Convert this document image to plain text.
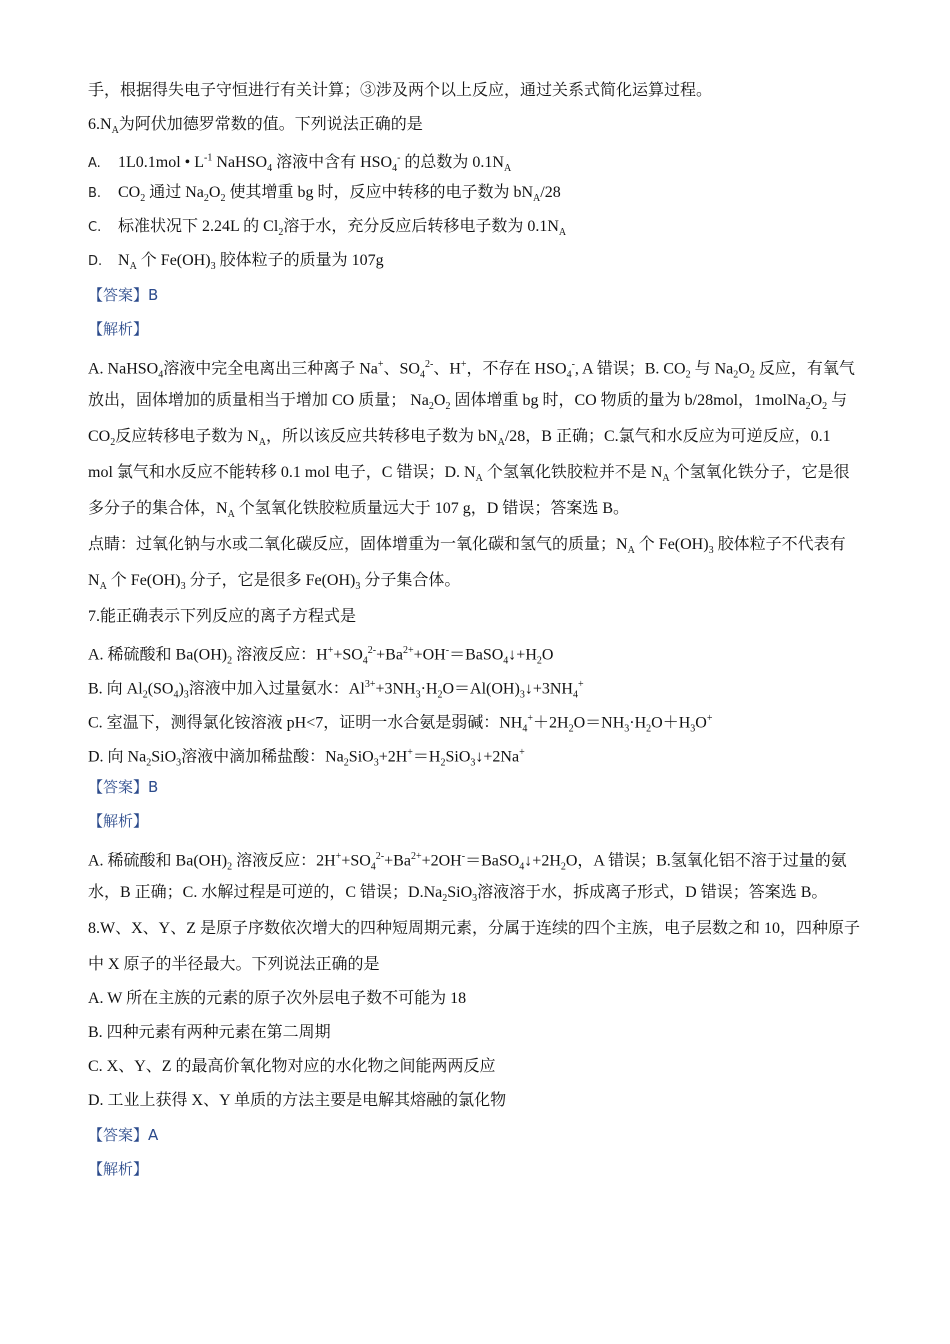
手，根据得失电子守恒进行有关计算；③涉及两个以上反应，通过关系式简化运算过程。
$6.N_A$为阿伏加德罗常数的值。下列说法正确的是
A. 1L0.1mol • $L^{-1}$ NaHSO$_4$ 溶液中含有 $HSO_4^-$ 的总数为 $0.1N_A$
B. $CO_2$ 通过 $Na_2O_2$ 使其增重 bg 时，反应中转移的电子数为 $bN_A/28$
C. 标准状况下 2.24L 的 $Cl_2$溶于水，充分反应后转移电子数为 $0.1N_A$
D. $N_A$ 个 $Fe(OH)_3$ 胶体粒子的质量为 107g
【答案】B
【解析】
A. NaHSO$_4$溶液中完全电离出三种离子 Na+、$SO_4^{2-}$、H+，不存在 $HSO_4^-$, A 错误；B. $CO_2$ 与 $Na_2O_2$ 反应，有氧气
放出，固体增加的质量相当于增加 CO 质量； $Na_2O_2$ 固体增重 bg 时，CO 物质的量为 b/28mol，$1molNa_2O_2$ 与
$CO_2$反应转移电子数为 $N_A$，所以该反应共转移电子数为 $bN_A/28$，B 正确；C.氯气和水反应为可逆反应，0.1
mol 氯气和水反应不能转移 0.1 mol 电子，C 错误；D. $N_A$ 个氢氧化铁胶粒并不是 $N_A$ 个氢氧化铁分子，它是很
多分子的集合体，$N_A$ 个氢氧化铁胶粒质量远大于 107 g，D 错误；答案选 B。
点睛：过氧化钠与水或二氧化碳反应，固体增重为一氧化碳和氢气的质量；$N_A$ 个 $Fe(OH)_3$ 胶体粒子不代表有
$N_A$ 个 $Fe(OH)_3$ 分子，它是很多 $Fe(OH)_3$ 分子集合体。
7.能正确表示下列反应的离子方程式是
A. 稀硫酸和 $Ba(OH)_2$ 溶液反应：$H^++SO_4^{2-}+Ba^{2+}+OH^-=BaSO_4↓+H_2O$
B. 向 $Al_2(SO_4)_3$溶液中加入过量氨水：$Al^{3+}+3NH_3\cdot H_2O=Al(OH)_3↓+3NH_4^+$
C. 室温下，测得氯化铵溶液 pH<7，证明一水合氨是弱碱：$NH_4^++2H_2O=NH_3\cdot H_2O+H_3O^+$
D. 向 $Na_2SiO_3$溶液中滴加稀盐酸：$Na_2SiO_3+2H^+=H_2SiO_3↓+2Na^+$
【答案】B
【解析】
A. 稀硫酸和 $Ba(OH)_2$ 溶液反应：$2H^++SO_4^{2-}+Ba^{2+}+2OH^-=BaSO_4↓+2H_2O$，A 错误；B.氢氧化铝不溶于过量的氨
水，B 正确；C. 水解过程是可逆的，C 错误；$D.Na_2SiO_3$溶液溶于水，拆成离子形式，D 错误；答案选 B。
8.W、X、Y、Z 是原子序数依次增大的四种短周期元素，分属于连续的四个主族，电子层数之和 10，四种原子
中 X 原子的半径最大。下列说法正确的是
A. W 所在主族的元素的原子次外层电子数不可能为 18
B. 四种元素有两种元素在第二周期
C. X、Y、Z 的最高价氧化物对应的水化物之间能两两反应
D. 工业上获得 X、Y 单质的方法主要是电解其熔融的氯化物
【答案】A
【解析】
